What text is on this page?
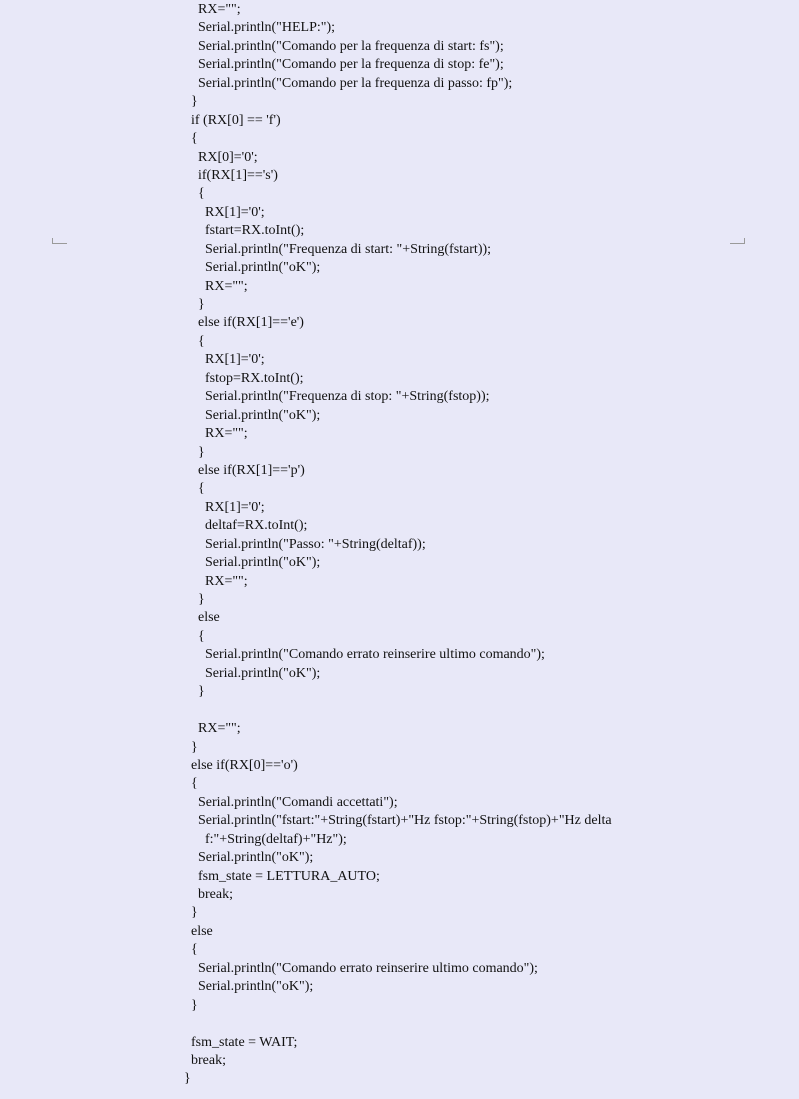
RX="";
Serial.println("HELP:");
Serial.println("Comando per la frequenza di start: fs");
Serial.println("Comando per la frequenza di stop: fe");
Serial.println("Comando per la frequenza di passo: fp");
}
if (RX[0] == 'f')
{
RX[0]='0';
if(RX[1]=='s')
{
RX[1]='0';
fstart=RX.toInt();
Serial.println("Frequenza di start: "+String(fstart));
Serial.println("oK");
RX="";
}
else if(RX[1]=='e')
{
RX[1]='0';
fstop=RX.toInt();
Serial.println("Frequenza di stop: "+String(fstop));
Serial.println("oK");
RX="";
}
else if(RX[1]=='p')
{
RX[1]='0';
deltaf=RX.toInt();
Serial.println("Passo: "+String(deltaf));
Serial.println("oK");
RX="";
}
else
{
Serial.println("Comando errato reinserire ultimo comando");
Serial.println("oK");
}
RX="";
}
else if(RX[0]=='o')
{
Serial.println("Comandi accettati");
Serial.println("fstart:"+String(fstart)+"Hz fstop:"+String(fstop)+"Hz delta
f:"+String(deltaf)+"Hz");
Serial.println("oK");
fsm_state = LETTURA_AUTO;
break;
}
else
{
Serial.println("Comando errato reinserire ultimo comando");
Serial.println("oK");
}
fsm_state = WAIT;
break;
}
